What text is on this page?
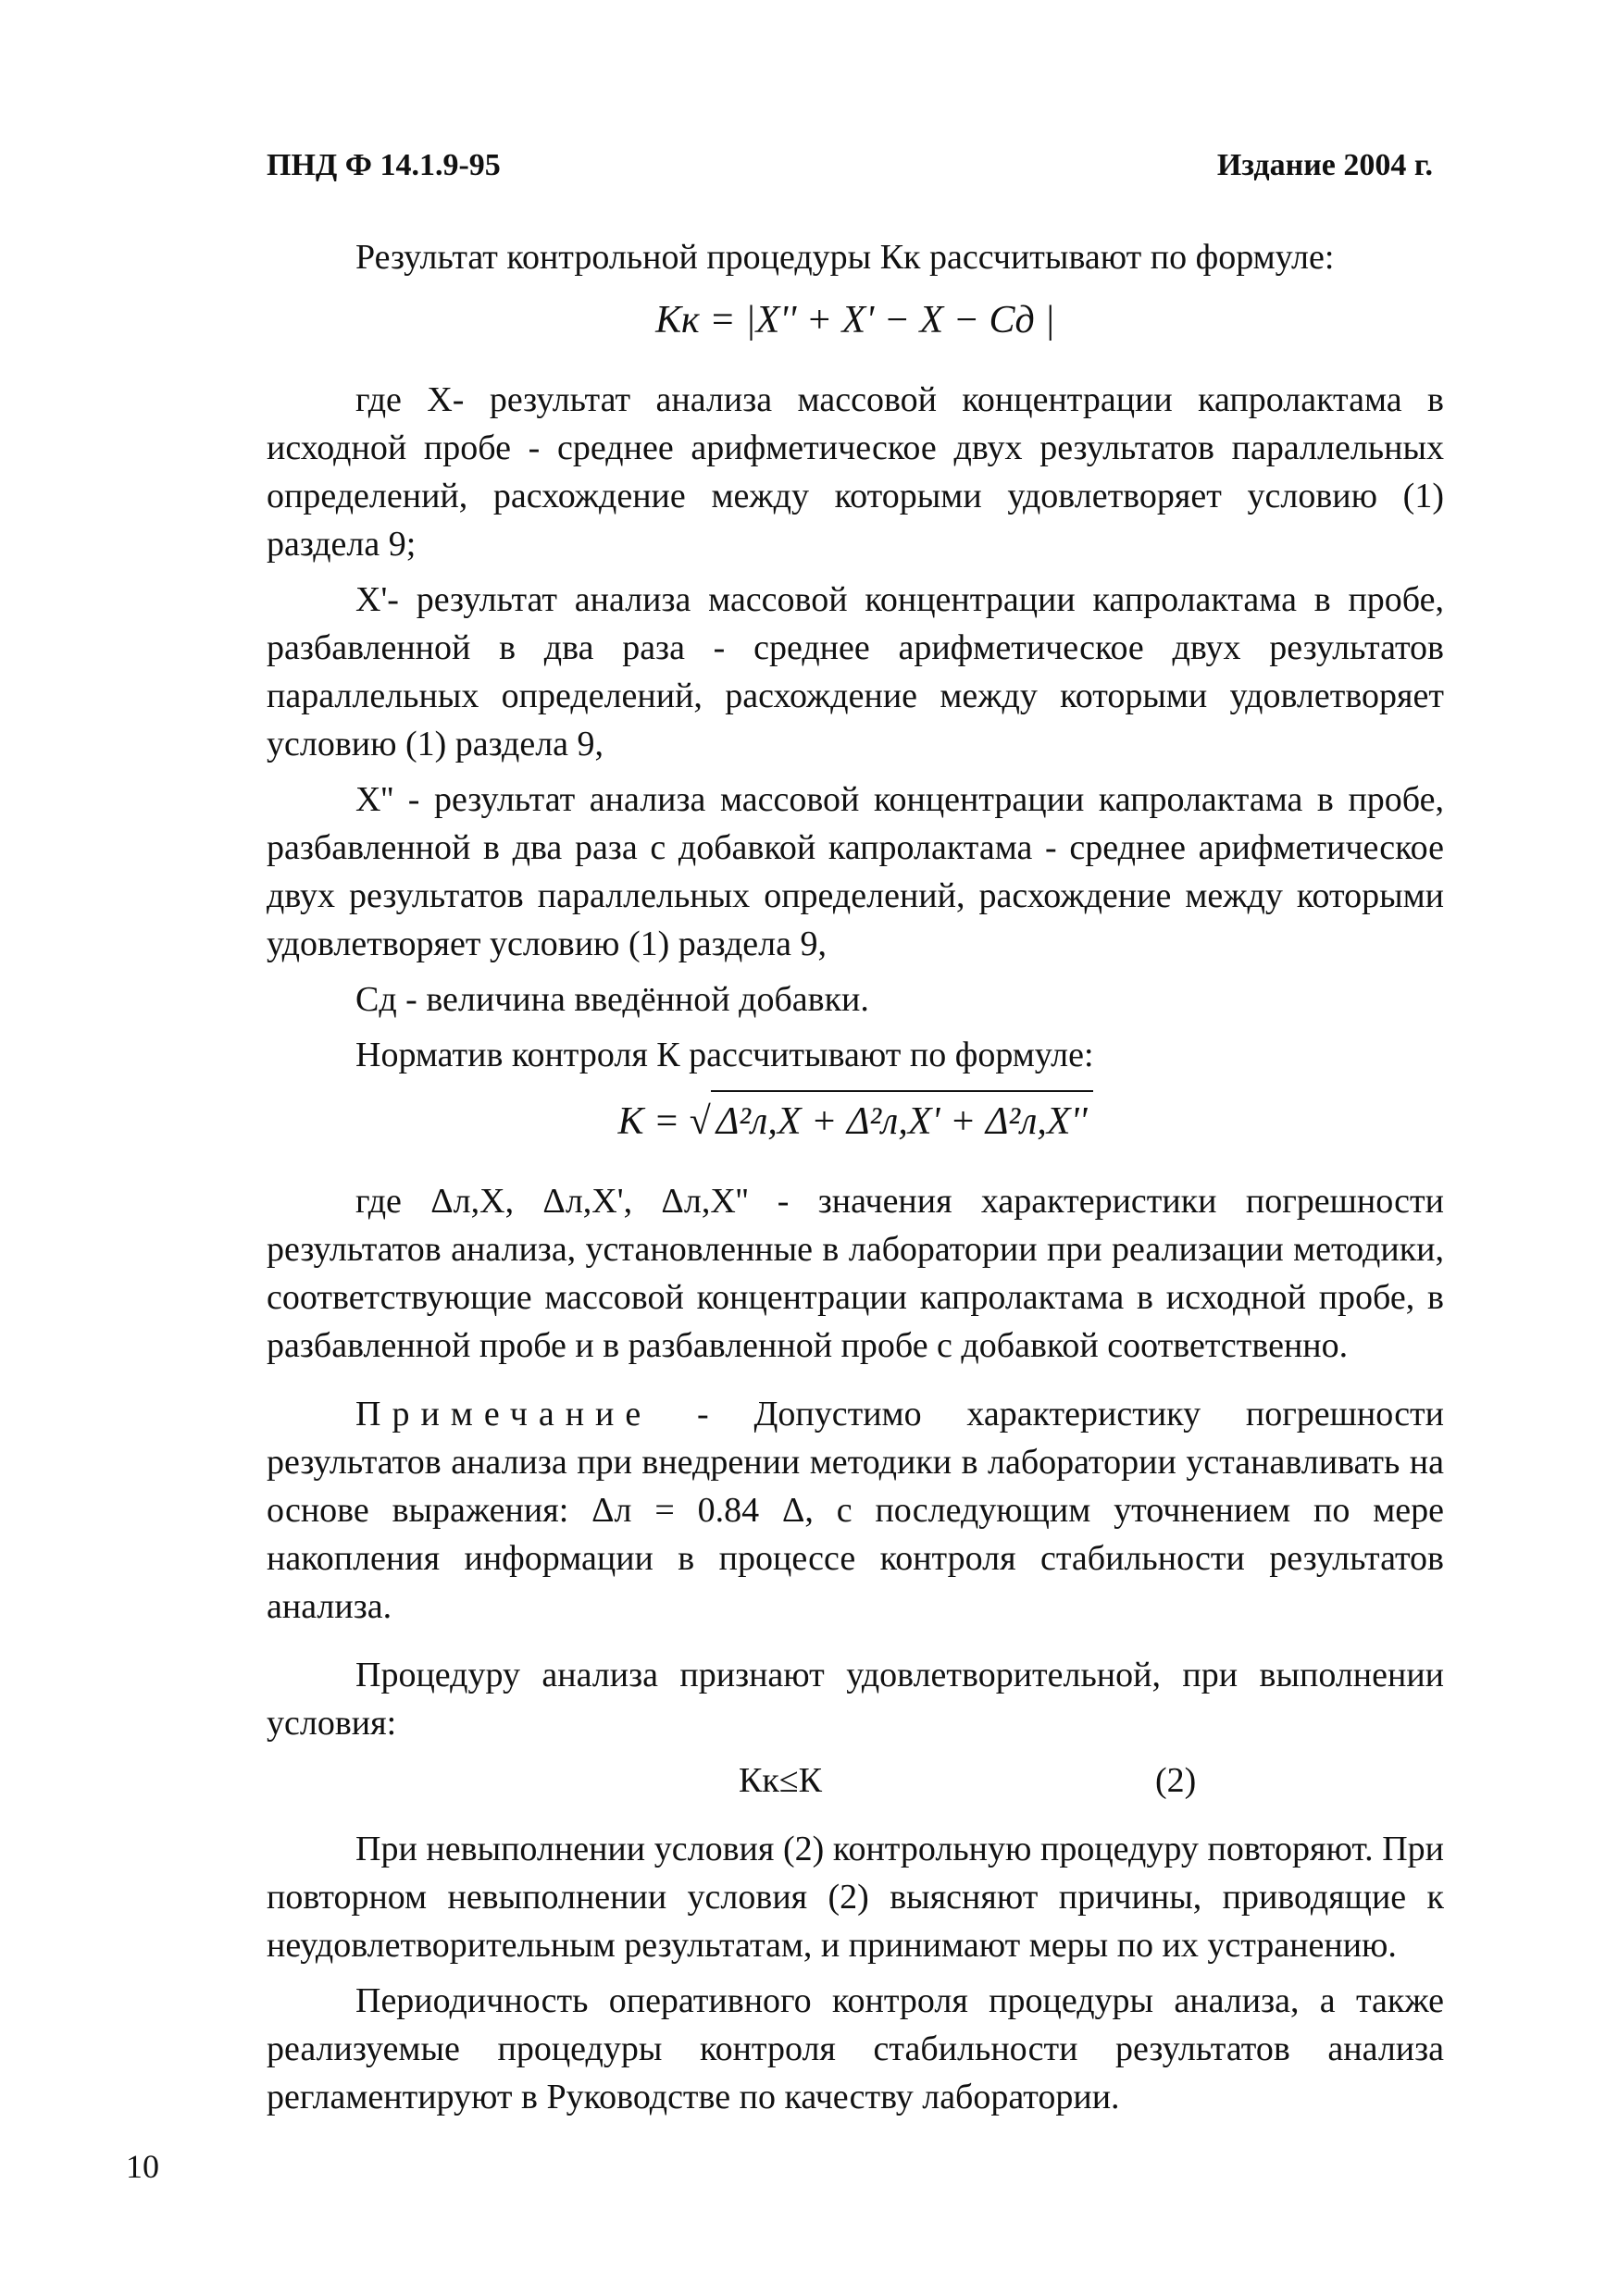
ПНД Ф 14.1.9-95	Издание 2004 г.

Результат контрольной процедуры Кк рассчитывают по формуле:

Кк = |X'' + X' − X − Сд |

где X- результат анализа массовой концентрации капролактама в исходной пробе - среднее арифметическое двух результатов параллельных определений, расхождение между которыми удовлетворяет условию (1) раздела 9;

X'- результат анализа массовой концентрации капролактама в пробе, разбавленной в два раза - среднее арифметическое двух результатов параллельных определений, расхождение между которыми удовлетворяет условию (1) раздела 9,

X'' - результат анализа массовой концентрации капролактама в пробе, разбавленной в два раза с добавкой капролактама - среднее арифметическое двух результатов параллельных определений, расхождение между которыми удовлетворяет условию (1) раздела 9,

Сд - величина введённой добавки.

Норматив контроля К рассчитывают по формуле:

К = √ Δ²л,X + Δ²л,X' + Δ²л,X''

где Δл,X, Δл,X', Δл,X'' - значения характеристики погрешности результатов анализа, установленные в лаборатории при реализации методики, соответствующие массовой концентрации капролактама в исходной пробе, в разбавленной пробе и в разбавленной пробе с добавкой соответственно.

Примечание - Допустимо характеристику погрешности результатов анализа при внедрении методики в лаборатории устанавливать на основе выражения: Δл = 0.84 Δ, с последующим уточнением по мере накопления информации в процессе контроля стабильности результатов анализа.

Процедуру анализа признают удовлетворительной, при выполнении условия:

Кк≤К	(2)

При невыполнении условия (2) контрольную процедуру повторяют. При повторном невыполнении условия (2) выясняют причины, приводящие к неудовлетворительным результатам, и принимают меры по их устранению.

Периодичность оперативного контроля процедуры анализа, а также реализуемые процедуры контроля стабильности результатов анализа регламентируют в Руководстве по качеству лаборатории.

10
